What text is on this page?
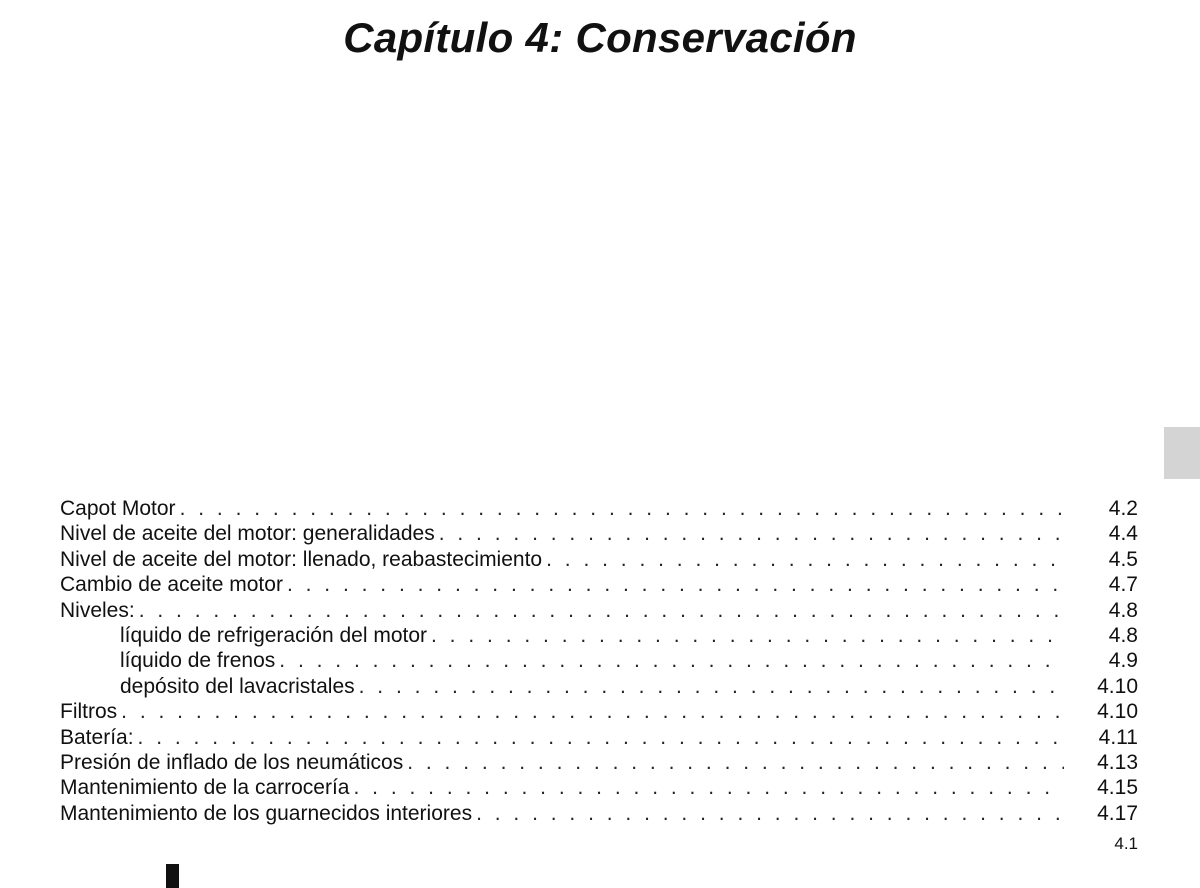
Capítulo 4: Conservación
Capot Motor . . .	4.2
Nivel de aceite del motor: generalidades . . .	4.4
Nivel de aceite del motor: llenado, reabastecimiento . . .	4.5
Cambio de aceite motor . . .	4.7
Niveles: . . .	4.8
líquido de refrigeración del motor . . .	4.8
líquido de frenos . . .	4.9
depósito del lavacristales . . .	4.10
Filtros . . .	4.10
Batería: . . .	4.11
Presión de inflado de los neumáticos . . .	4.13
Mantenimiento de la carrocería . . .	4.15
Mantenimiento de los guarnecidos interiores . . .	4.17
4.1
